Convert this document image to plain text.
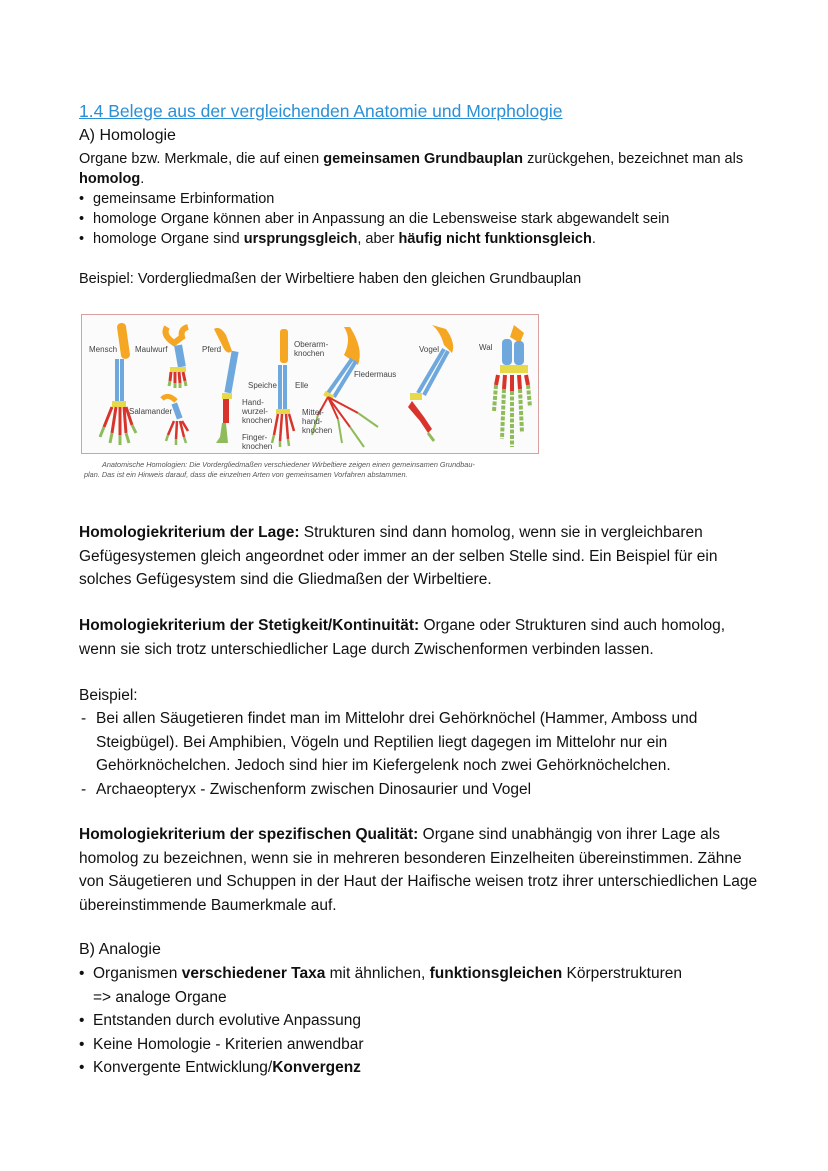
1.4 Belege aus der vergleichenden Anatomie und Morphologie

A) Homologie

Organe bzw. Merkmale, die auf einen gemeinsamen Grundbauplan zurückgehen, bezeichnet man als homolog.

• gemeinsame Erbinformation
• homologe Organe können aber in Anpassung an die Lebensweise stark abgewandelt sein
• homologe Organe sind ursprungsgleich, aber häufig nicht funktionsgleich.

Beispiel: Vordergliedmaßen der Wirbeltiere haben den gleichen Grundbauplan

Mensch Maulwurf	Pferd
Fledermaus
Vogel	Wal
Salamander
Oberarm-
knochen
Speiche Elle
Hand-
wurzel-
knochen
Finger-
knochen
Mittel-
hand-
knochen
Anatomische Homologien: Die Vordergliedmaßen verschiedener Wirbeltiere zeigen einen gemeinsamen Grundbau-
plan. Das ist ein Hinweis darauf, dass die einzelnen Arten von gemeinsamen Vorfahren abstammen.

Homologiekriterium der Lage: Strukturen sind dann homolog, wenn sie in vergleichbaren Gefügesystemen gleich angeordnet oder immer an der selben Stelle sind. Ein Beispiel für ein solches Gefügesystem sind die Gliedmaßen der Wirbeltiere.

Homologiekriterium der Stetigkeit/Kontinuität: Organe oder Strukturen sind auch homolog, wenn sie sich trotz unterschiedlicher Lage durch Zwischenformen verbinden lassen.

Beispiel:

- Bei allen Säugetieren findet man im Mittelohr drei Gehörknöchel (Hammer, Amboss und Steigbügel). Bei Amphibien, Vögeln und Reptilien liegt dagegen im Mittelohr nur ein Gehörknöchelchen. Jedoch sind hier im Kiefergelenk noch zwei Gehörknöchelchen.
- Archaeopteryx - Zwischenform zwischen Dinosaurier und Vogel

Homologiekriterium der spezifischen Qualität: Organe sind unabhängig von ihrer Lage als homolog zu bezeichnen, wenn sie in mehreren besonderen Einzelheiten übereinstimmen. Zähne von Säugetieren und Schuppen in der Haut der Haifische weisen trotz ihrer unterschiedlichen Lage übereinstimmende Baumerkmale auf.

B) Analogie

• Organismen verschiedener Taxa mit ähnlichen, funktionsgleichen Körperstrukturen
=> analoge Organe
• Entstanden durch evolutive Anpassung
• Keine Homologie - Kriterien anwendbar
• Konvergente Entwicklung/Konvergenz
